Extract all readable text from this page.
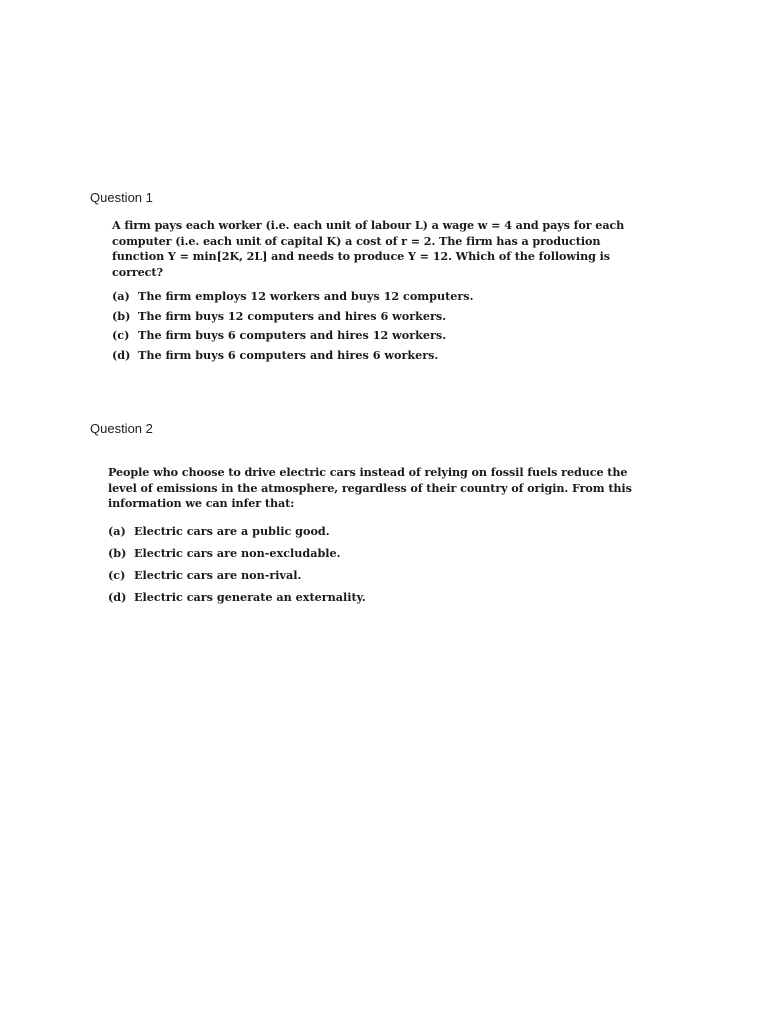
Question 1

A firm pays each worker (i.e. each unit of labour L) a wage w = 4 and pays for each
computer (i.e. each unit of capital K) a cost of r = 2. The firm has a production
function Y = min[2K, 2L] and needs to produce Y = 12. Which of the following is
correct?

(a) The firm employs 12 workers and buys 12 computers.
(b) The firm buys 12 computers and hires 6 workers.
(c) The firm buys 6 computers and hires 12 workers.
(d) The firm buys 6 computers and hires 6 workers.
Question 2

People who choose to drive electric cars instead of relying on fossil fuels reduce the
level of emissions in the atmosphere, regardless of their country of origin. From this
information we can infer that:

(a) Electric cars are a public good.
(b) Electric cars are non-excludable.
(c) Electric cars are non-rival.
(d) Electric cars generate an externality.
